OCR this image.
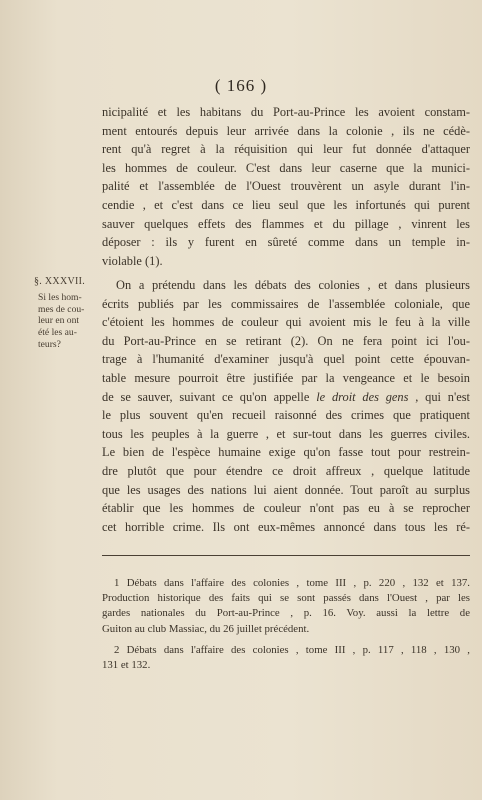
( 166 )
nicipalité et les habitans du Port-au-Prince les avoient constam-
ment entourés depuis leur arrivée dans la colonie , ils ne cédè-
rent qu'à regret à la réquisition qui leur fut donnée d'attaquer
les hommes de couleur. C'est dans leur caserne que la munici-
palité et l'assemblée de l'Ouest trouvèrent un asyle durant l'in-
cendie , et c'est dans ce lieu seul que les infortunés qui purent
sauver quelques effets des flammes et du pillage , vinrent les
déposer : ils y furent en sûreté comme dans un temple in-
violable (1).
§. XXXVII.
Si les hom-
mes de cou-
leur en ont
été les au-
teurs?
On a prétendu dans les débats des colonies , et dans plusieurs
écrits publiés par les commissaires de l'assemblée coloniale, que
c'étoient les hommes de couleur qui avoient mis le feu à la ville
du Port-au-Prince en se retirant (2). On ne fera point ici l'ou-
trage à l'humanité d'examiner jusqu'à quel point cette épouvan-
table mesure pourroit être justifiée par la vengeance et le besoin
de se sauver, suivant ce qu'on appelle le droit des gens , qui n'est
le plus souvent qu'en recueil raisonné des crimes que pratiquent
tous les peuples à la guerre , et sur-tout dans les guerres civiles.
Le bien de l'espèce humaine exige qu'on fasse tout pour restrein-
dre plutôt que pour étendre ce droit affreux , quelque latitude
que les usages des nations lui aient donnée. Tout paroît au surplus
établir que les hommes de couleur n'ont pas eu à se reprocher
cet horrible crime. Ils ont eux-mêmes annoncé dans tous les ré-
1 Débats dans l'affaire des colonies , tome III , p. 220 , 132 et 137.
Production historique des faits qui se sont passés dans l'Ouest , par les
gardes nationales du Port-au-Prince , p. 16. Voy. aussi la lettre de
Guiton au club Massiac, du 26 juillet précédent.
2 Débats dans l'affaire des colonies , tome III , p. 117 , 118 , 130 ,
131 et 132.
